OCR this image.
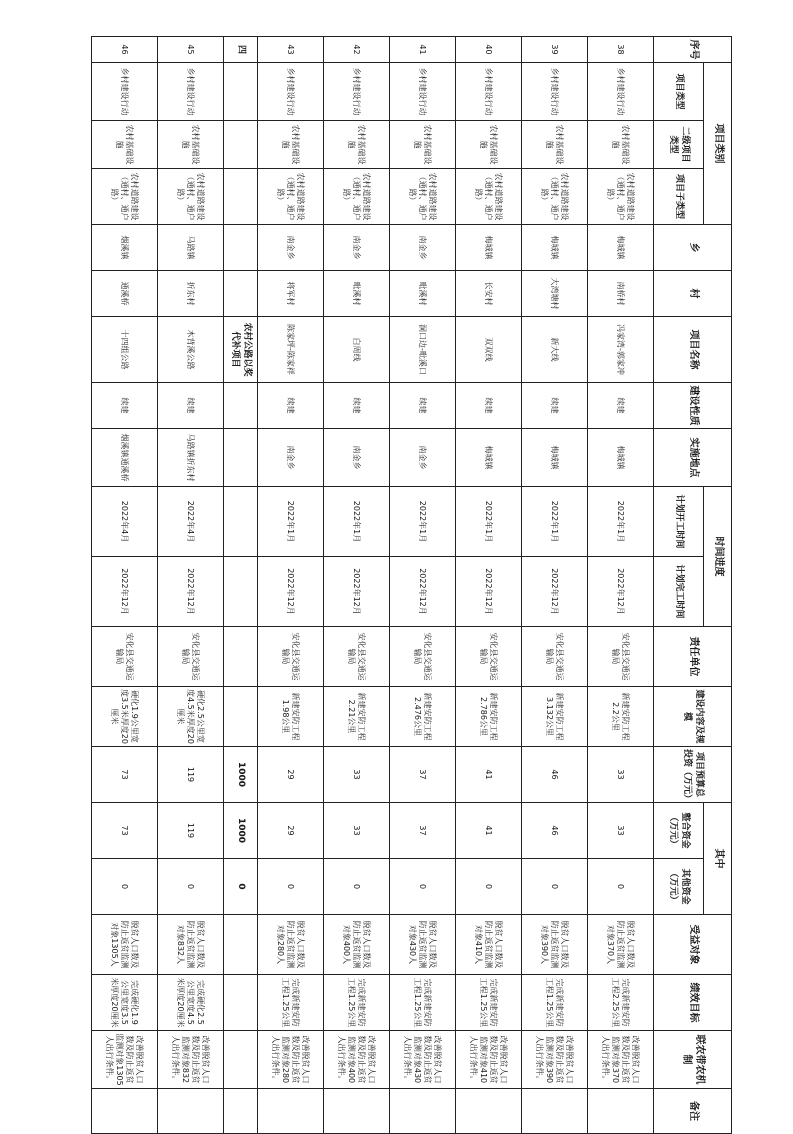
序号	项目类别			乡	村	项目名称	建设性质	实施地点	时间进度		责任单位	建设内容及规模	项目预算总投资（万元）	其中		受益对象	绩效目标	联农带农机制	备注
	项目类型	二级项目类型	项目子类型						计划开工时间	计划完工时间				整合资金（万元）	其他资金（万元）				
38	乡村建设行动	农村基础设施	农村道路建设（通村、通户路）	梅城镇	南桥村	冯家湾-郭家冲	续建	梅城镇	2022年1月	2022年12月	安化县交通运输局	新建安防工程2.2公里	33	33	0	脱贫人口数及防止返贫监测对象370人	完成新建安防工程2.25公里	改善脱贫人口数及防止返贫监测对象370人出行条件。	
39	乡村建设行动	农村基础设施	农村道路建设（通村、通户路）	梅城镇	大湾塘村	新大线	续建	梅城镇	2022年1月	2022年12月	安化县交通运输局	新建安防工程3.132公里	46	46	0	脱贫人口数及防止返贫监测对象390人	完成新建安防工程1.25公里	改善脱贫人口数及防止返贫监测对象390人出行条件。	
40	乡村建设行动	农村基础设施	农村道路建设（通村、通户路）	梅城镇	长安村	双双线	续建	梅城镇	2022年1月	2022年12月	安化县交通运输局	新建安防工程2.786公里	41	41	0	脱贫人口数及防止返贫监测对象410人	完成新建安防工程1.25公里	改善脱贫人口数及防止返贫监测对象410人出行条件。	
41	乡村建设行动	农村基础设施	农村道路建设（通村、通户路）	南金乡	毗溪村	洞口边-毗溪口	续建	南金乡	2022年1月	2022年12月	安化县交通运输局	新建安防工程2.476公里	37	37	0	脱贫人口数及防止返贫监测对象430人	完成新建安防工程1.25公里	改善脱贫人口数及防止返贫监测对象430人出行条件。	
42	乡村建设行动	农村基础设施	农村道路建设（通村、通户路）	南金乡	毗溪村	白周线	续建	南金乡	2022年1月	2022年12月	安化县交通运输局	新建安防工程2.21公里	33	33	0	脱贫人口数及防止返贫监测对象400人	完成新建安防工程1.25公里	改善脱贫人口数及防止返贫监测对象400人出行条件。	
43	乡村建设行动	农村基础设施	农村道路建设（通村、通户路）	南金乡	将军村	陈家坪-陈家祥	续建	南金乡	2022年1月	2022年12月	安化县交通运输局	新建安防工程1.98公里	29	29	0	脱贫人口数及防止返贫监测对象280人	完成新建安防工程1.25公里	改善脱贫人口数及防止返贫监测对象280人出行条件。	
四						农村公路以奖代补项目							1000	1000	0				
45	乡村建设行动	农村基础设施	农村道路建设（通村、通户路）	马路镇	折东村	木背溪公路	续建	马路镇折东村	2022年4月	2022年12月	安化县交通运输局	硬化2.5公里宽度4.5米厚度20厘米	119	119	0	脱贫人口数及防止返贫监测对象832人	完成硬化2.5公里宽度4.5米厚度20厘米	改善脱贫人口数及防止返贫监测对象832人出行条件。	
46	乡村建设行动	农村基础设施	农村道路建设（通村、通户路）	烟溪镇	通溪桥	十四组公路	续建	烟溪镇通溪桥	2022年4月	2022年12月	安化县交通运输局	硬化1.9公里宽度3.5米厚度20厘米	73	73	0	脱贫人口数及防止返贫监测对象1305人	完成硬化1.9公里宽度3.5米厚度20厘米	改善脱贫人口数及防止返贫监测对象1305人出行条件。	
